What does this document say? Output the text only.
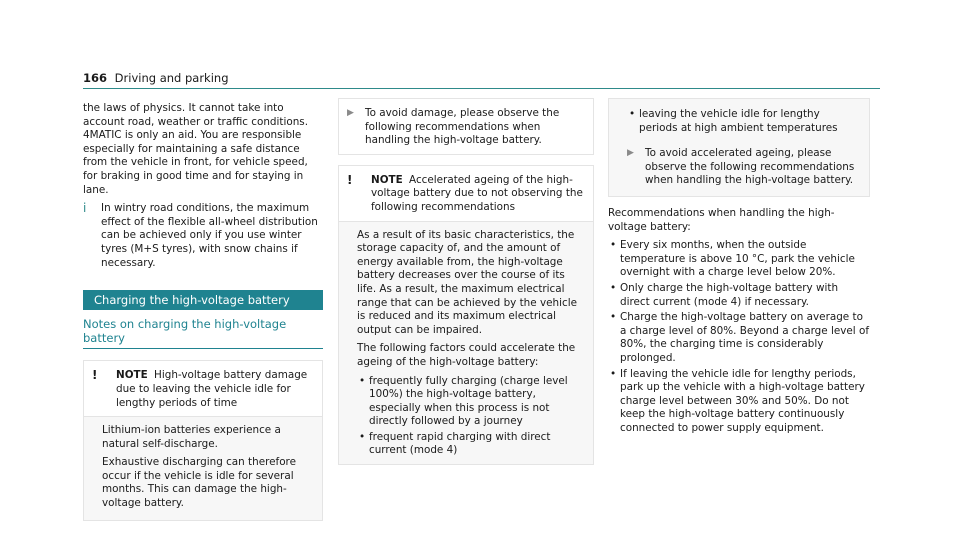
166 Driving and parking

the laws of physics. It cannot take into account road, weather or traffic conditions. 4MATIC is only an aid. You are responsible especially for maintaining a safe distance from the vehicle in front, for vehicle speed, for braking in good time and for staying in lane.

i	In wintry road conditions, the maximum effect of the flexible all-wheel distribution can be achieved only if you use winter tyres (M+S tyres), with snow chains if necessary.
Charging the high-voltage battery
Notes on charging the high-voltage battery
!	NOTE High-voltage battery damage due to leaving the vehicle idle for lengthy periods of time

Lithium-ion batteries experience a natural self-discharge.

Exhaustive discharging can therefore occur if the vehicle is idle for several months. This can damage the high-voltage battery.

▶	To avoid damage, please observe the following recommendations when handling the high-voltage battery.
!	NOTE Accelerated ageing of the high-voltage battery due to not observing the following recommendations

As a result of its basic characteristics, the storage capacity of, and the amount of energy available from, the high-voltage battery decreases over the course of its life. As a result, the maximum electrical range that can be achieved by the vehicle is reduced and its maximum electrical output can be impaired.

The following factors could accelerate the ageing of the high-voltage battery:

• frequently fully charging (charge level 100%) the high-voltage battery, especially when this process is not directly followed by a journey
• frequent rapid charging with direct current (mode 4)
• leaving the vehicle idle for lengthy periods at high ambient temperatures
▶	To avoid accelerated ageing, please observe the following recommendations when handling the high-voltage battery.

Recommendations when handling the high-voltage battery:

• Every six months, when the outside temperature is above 10 °C, park the vehicle overnight with a charge level below 20%.
• Only charge the high-voltage battery with direct current (mode 4) if necessary.
• Charge the high-voltage battery on average to a charge level of 80%. Beyond a charge level of 80%, the charging time is considerably prolonged.
• If leaving the vehicle idle for lengthy periods, park up the vehicle with a high-voltage battery charge level between 30% and 50%. Do not keep the high-voltage battery continuously connected to power supply equipment.
